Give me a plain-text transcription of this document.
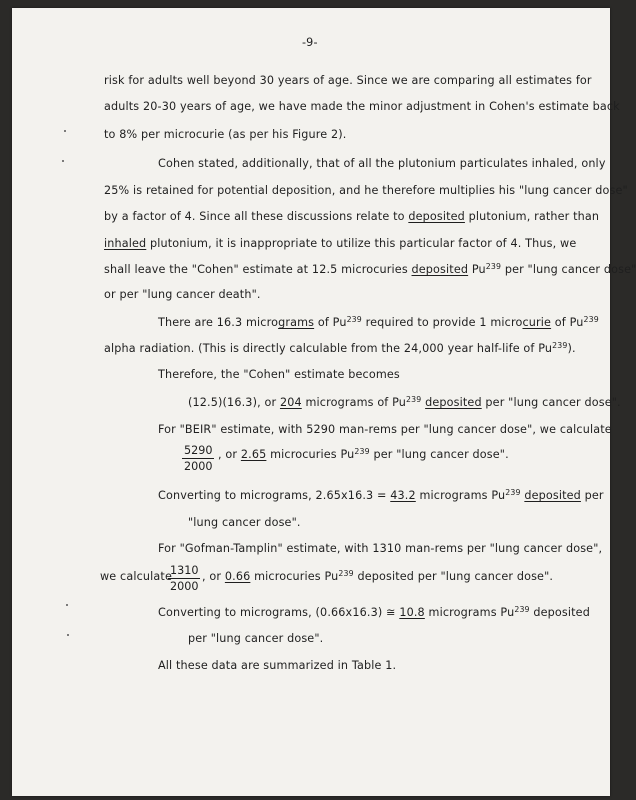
-9-
risk for adults well beyond 30 years of age. Since we are comparing all estimates for
adults 20-30 years of age, we have made the minor adjustment in Cohen's estimate back
to 8% per microcurie (as per his Figure 2).
Cohen stated, additionally, that of all the plutonium particulates inhaled, only
25% is retained for potential deposition, and he therefore multiplies his "lung cancer dose"
by a factor of 4. Since all these discussions relate to deposited plutonium, rather than
inhaled plutonium, it is inappropriate to utilize this particular factor of 4. Thus, we
shall leave the "Cohen" estimate at 12.5 microcuries deposited Pu$^{239}$ per "lung cancer dose"
or per "lung cancer death".
There are 16.3 micrograms of Pu$^{239}$ required to provide 1 microcurie of Pu$^{239}$
alpha radiation. (This is directly calculable from the 24,000 year half-life of Pu$^{239}$).
Therefore, the "Cohen" estimate becomes
(12.5)(16.3), or 204 micrograms of Pu$^{239}$ deposited per "lung cancer dose".
For "BEIR" estimate, with 5290 man-rems per "lung cancer dose", we calculate
$\frac{5290}{2000}$ , or 2.65 microcuries Pu$^{239}$ per "lung cancer dose".
Converting to micrograms, 2.65x16.3 = 43.2 micrograms Pu$^{239}$ deposited per
"lung cancer dose".
For "Gofman-Tamplin" estimate, with 1310 man-rems per "lung cancer dose",
we calculate
$\frac{1310}{2000}$ , or 0.66 microcuries Pu$^{239}$ deposited per "lung cancer dose".
Converting to micrograms, (0.66x16.3) ≅ 10.8 micrograms Pu$^{239}$ deposited
per "lung cancer dose".
All these data are summarized in Table 1.
